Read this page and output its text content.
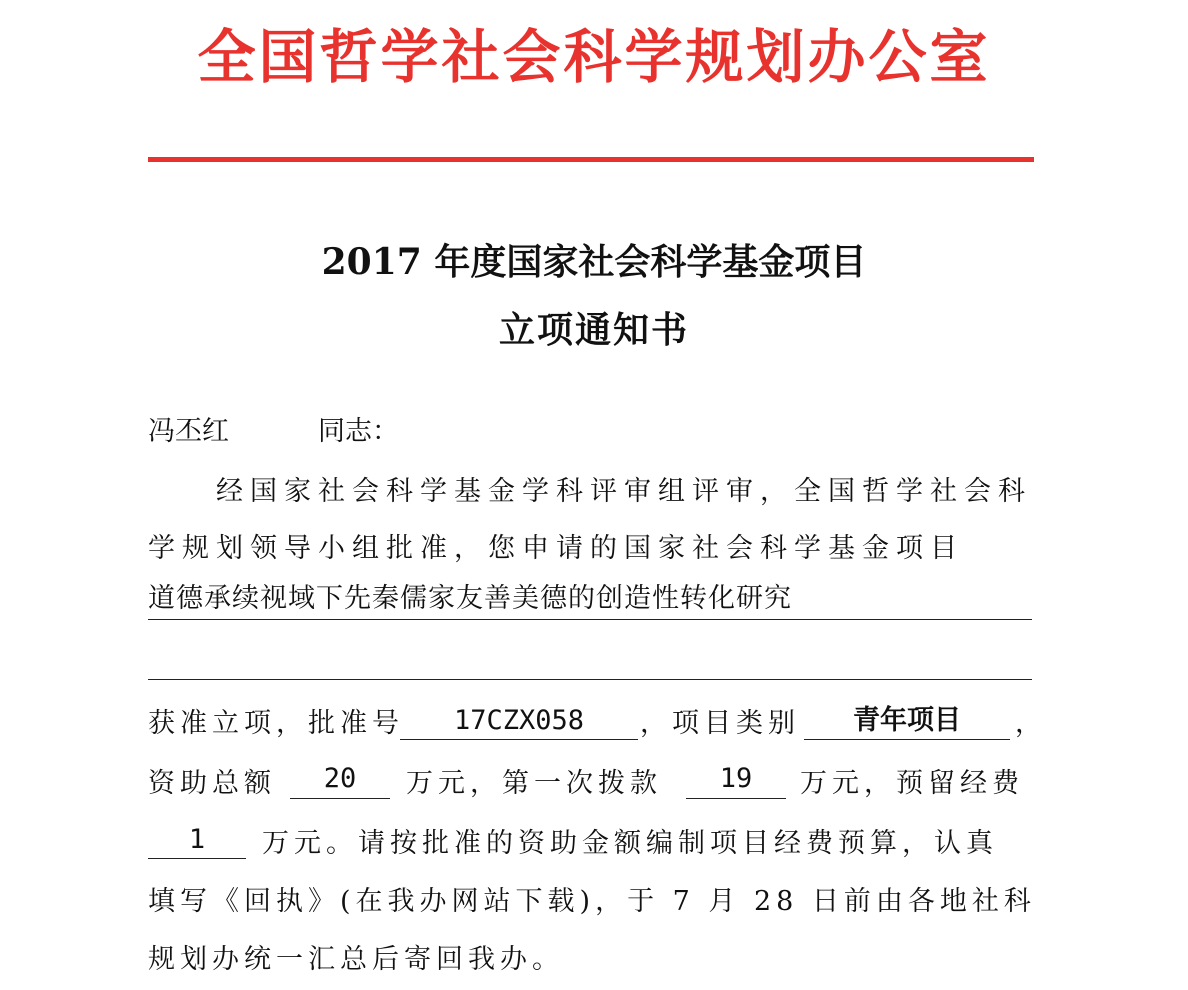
全国哲学社会科学规划办公室
2017 年度国家社会科学基金项目
立项通知书
冯丕红	同志：
经国家社会科学基金学科评审组评审，全国哲学社会科
学规划领导小组批准，您申请的国家社会科学基金项目
道德承续视域下先秦儒家友善美德的创造性转化研究
获准立项，批准号	17CZX058	，项目类别	青年项目	，
资助总额	20	万元，第一次拨款	19	万元，预留经费
1	万元。请按批准的资助金额编制项目经费预算，认真
填写《回执》(在我办网站下载)，于 7 月 28 日前由各地社科
规划办统一汇总后寄回我办。
